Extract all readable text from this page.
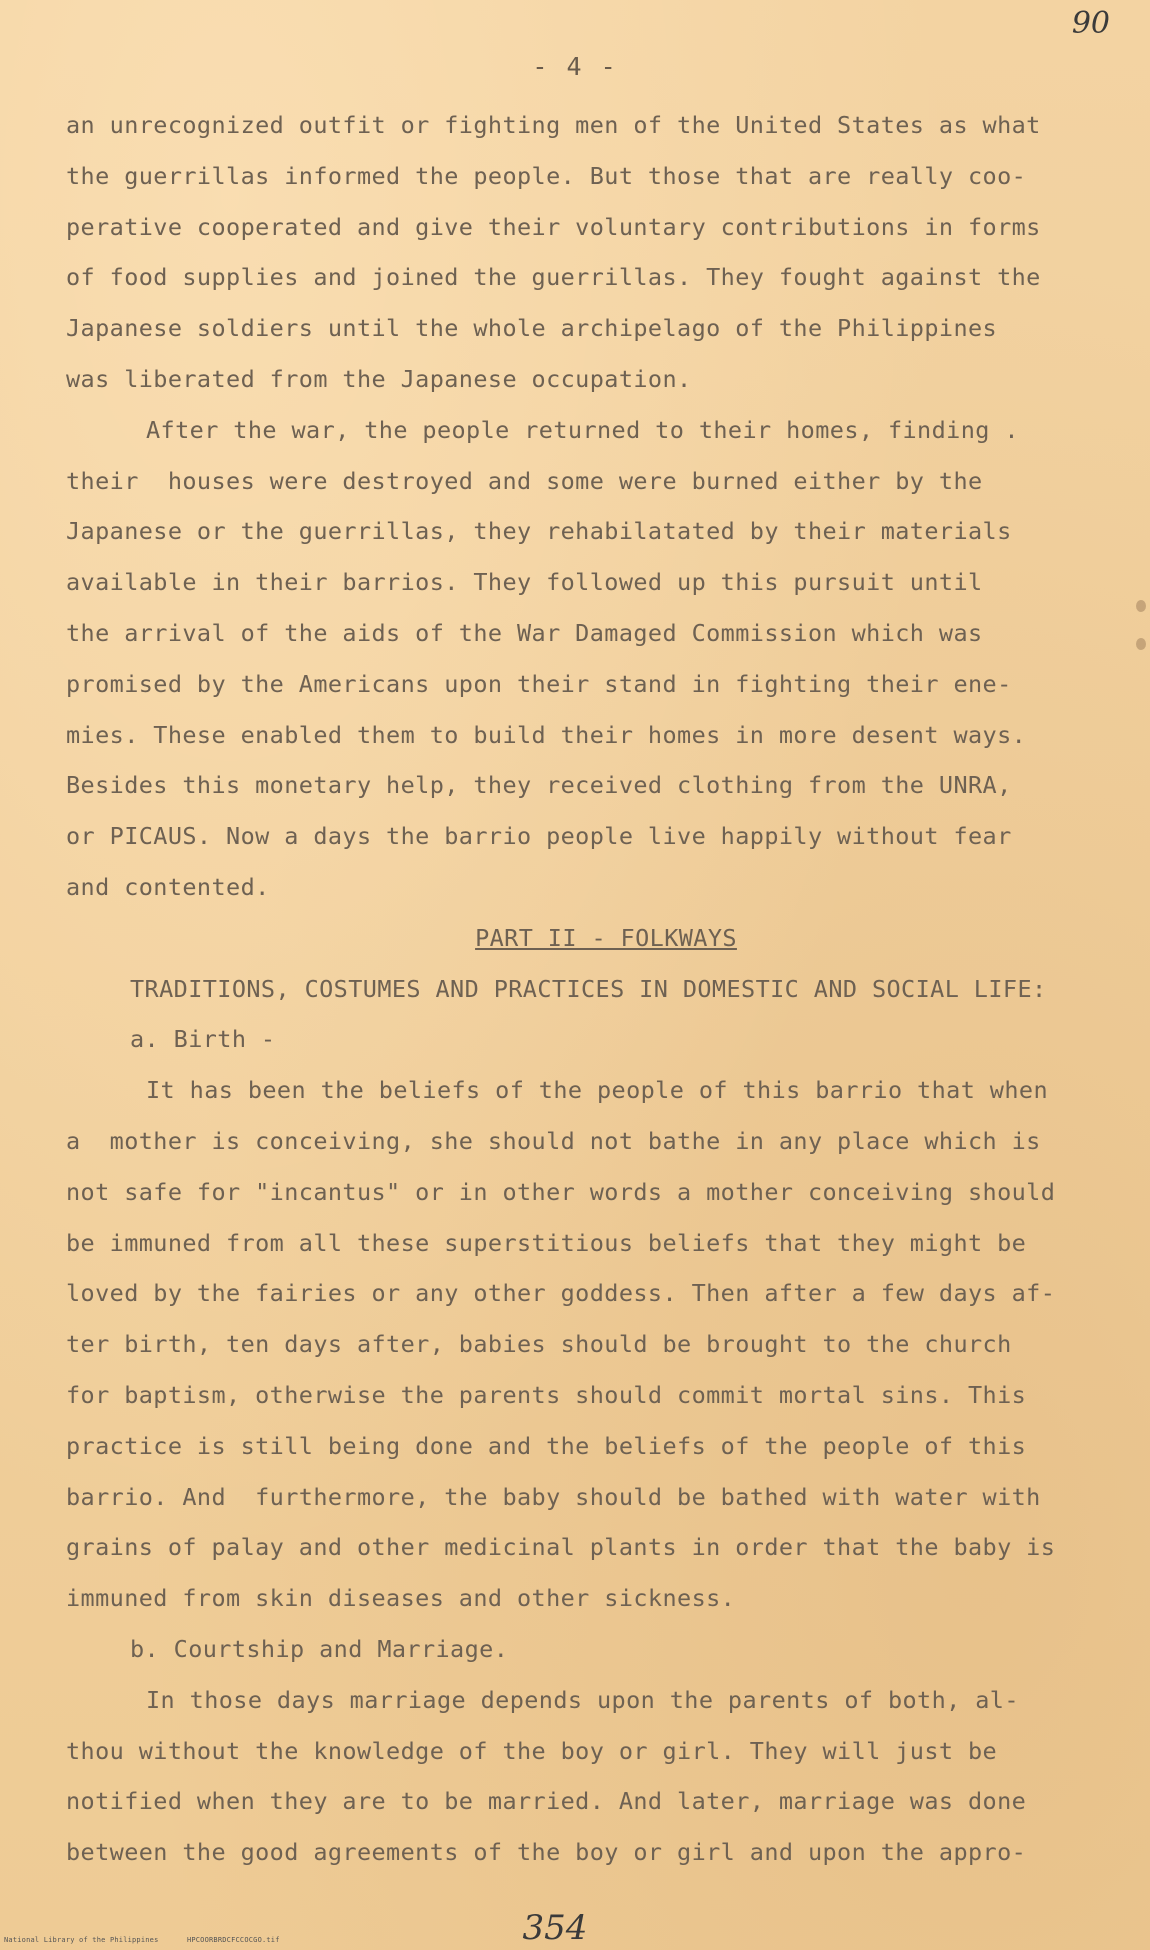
90
- 4 -
an unrecognized outfit or fighting men of the United States as what
the guerrillas informed the people. But those that are really coo-
perative cooperated and give their voluntary contributions in forms
of food supplies and joined the guerrillas. They fought against the
Japanese soldiers until the whole archipelago of the Philippines
was liberated from the Japanese occupation.
After the war, the people returned to their homes, finding .
their  houses were destroyed and some were burned either by the
Japanese or the guerrillas, they rehabilatated by their materials
available in their barrios. They followed up this pursuit until
the arrival of the aids of the War Damaged Commission which was
promised by the Americans upon their stand in fighting their ene-
mies. These enabled them to build their homes in more desent ways.
Besides this monetary help, they received clothing from the UNRA,
or PICAUS. Now a days the barrio people live happily without fear
and contented.
PART II - FOLKWAYS
TRADITIONS, COSTUMES AND PRACTICES IN DOMESTIC AND SOCIAL LIFE:
a. Birth -
It has been the beliefs of the people of this barrio that when
a  mother is conceiving, she should not bathe in any place which is
not safe for "incantus" or in other words a mother conceiving should
be immuned from all these superstitious beliefs that they might be
loved by the fairies or any other goddess. Then after a few days af-
ter birth, ten days after, babies should be brought to the church
for baptism, otherwise the parents should commit mortal sins. This
practice is still being done and the beliefs of the people of this
barrio. And  furthermore, the baby should be bathed with water with
grains of palay and other medicinal plants in order that the baby is
immuned from skin diseases and other sickness.
b. Courtship and Marriage.
In those days marriage depends upon the parents of both, al-
thou without the knowledge of the boy or girl. They will just be
notified when they are to be married. And later, marriage was done
between the good agreements of the boy or girl and upon the appro-
354
National Library of the Philippines	HPCOORBRDCFCCOCGO.tif
